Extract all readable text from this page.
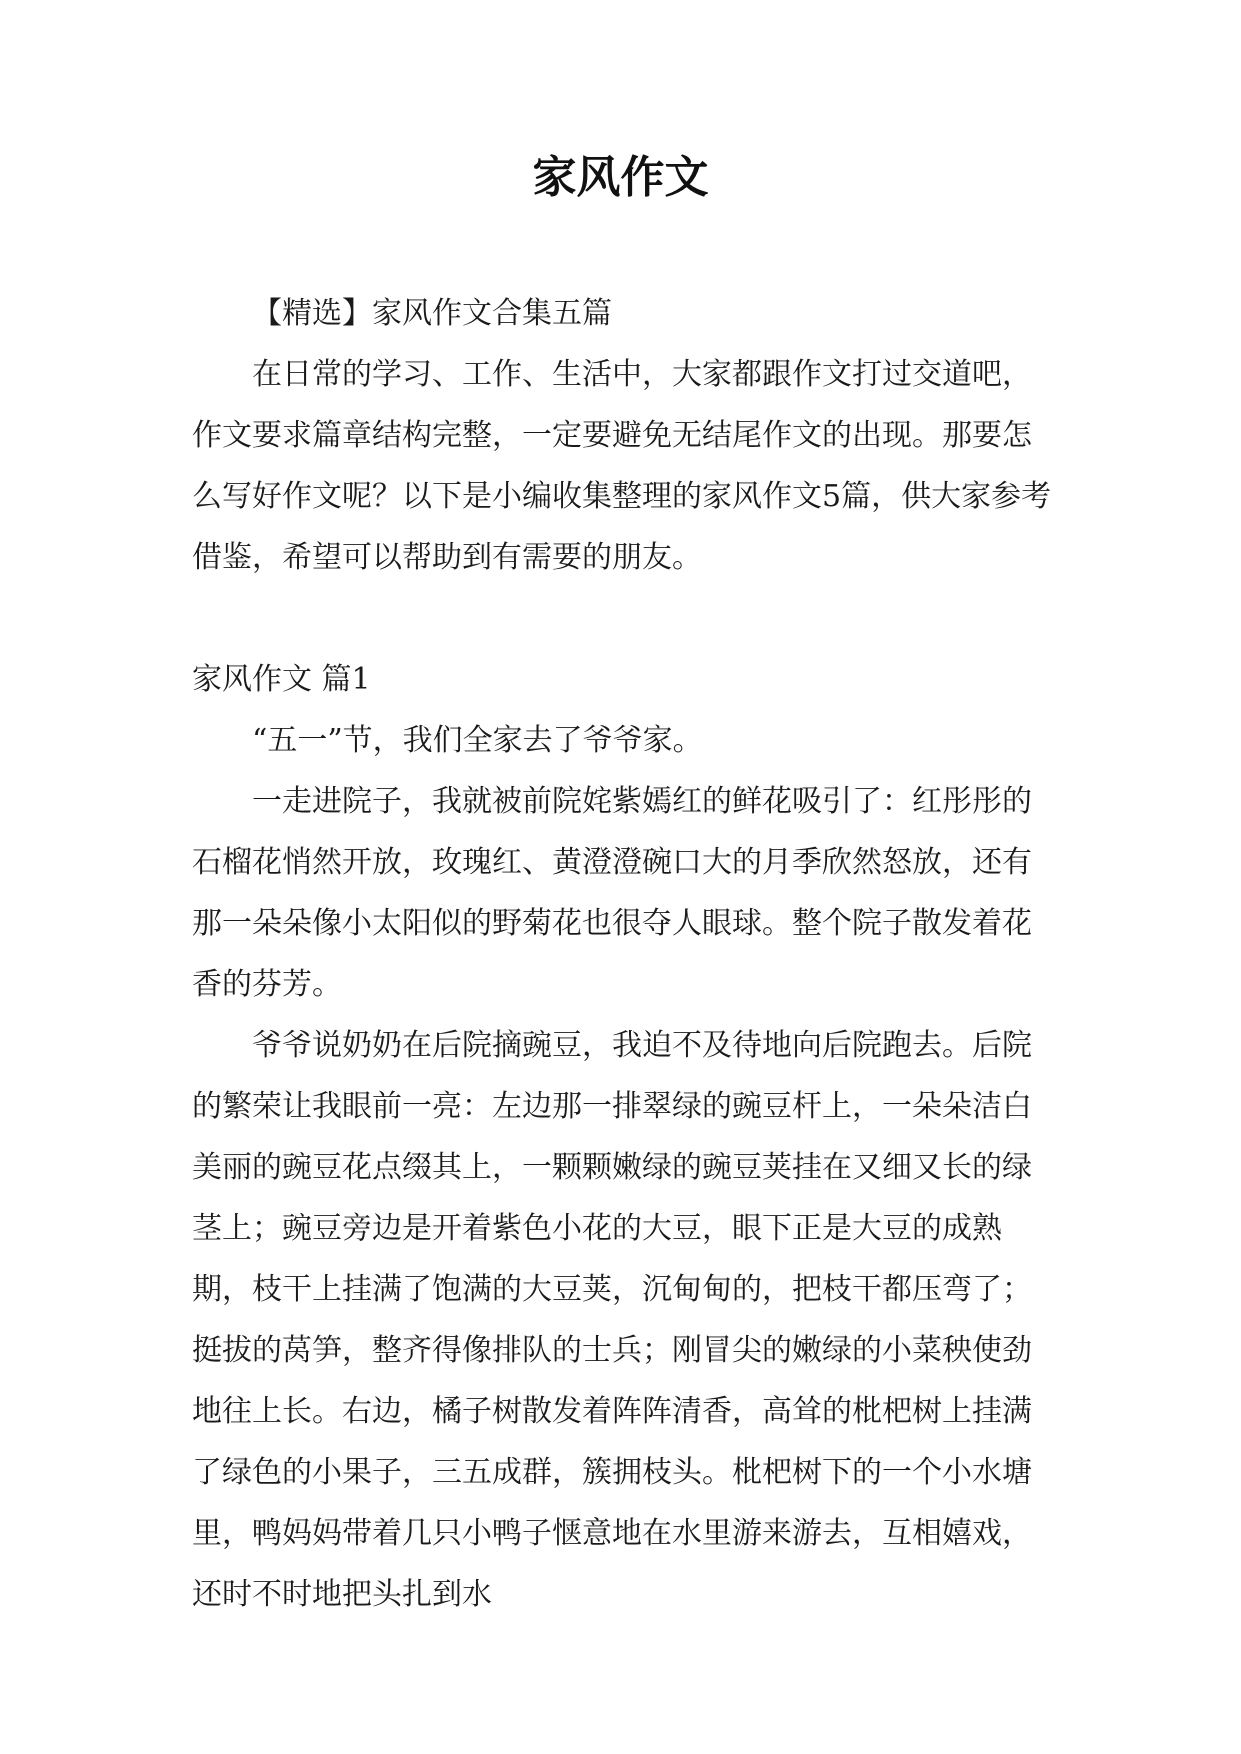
家风作文

【精选】家风作文合集五篇

在日常的学习、工作、生活中，大家都跟作文打过交道吧，作文要求篇章结构完整，一定要避免无结尾作文的出现。那要怎么写好作文呢？以下是小编收集整理的家风作文5篇，供大家参考借鉴，希望可以帮助到有需要的朋友。

家风作文 篇1

“五一”节，我们全家去了爷爷家。

一走进院子，我就被前院姹紫嫣红的鲜花吸引了：红彤彤的石榴花悄然开放，玫瑰红、黄澄澄碗口大的月季欣然怒放，还有那一朵朵像小太阳似的野菊花也很夺人眼球。整个院子散发着花香的芬芳。

爷爷说奶奶在后院摘豌豆，我迫不及待地向后院跑去。后院的繁荣让我眼前一亮：左边那一排翠绿的豌豆杆上，一朵朵洁白美丽的豌豆花点缀其上，一颗颗嫩绿的豌豆荚挂在又细又长的绿茎上；豌豆旁边是开着紫色小花的大豆，眼下正是大豆的成熟期，枝干上挂满了饱满的大豆荚，沉甸甸的，把枝干都压弯了；挺拔的莴笋，整齐得像排队的士兵；刚冒尖的嫩绿的小菜秧使劲地往上长。右边，橘子树散发着阵阵清香，高耸的枇杷树上挂满了绿色的小果子，三五成群，簇拥枝头。枇杷树下的一个小水塘里，鸭妈妈带着几只小鸭子惬意地在水里游来游去，互相嬉戏，还时不时地把头扎到水
